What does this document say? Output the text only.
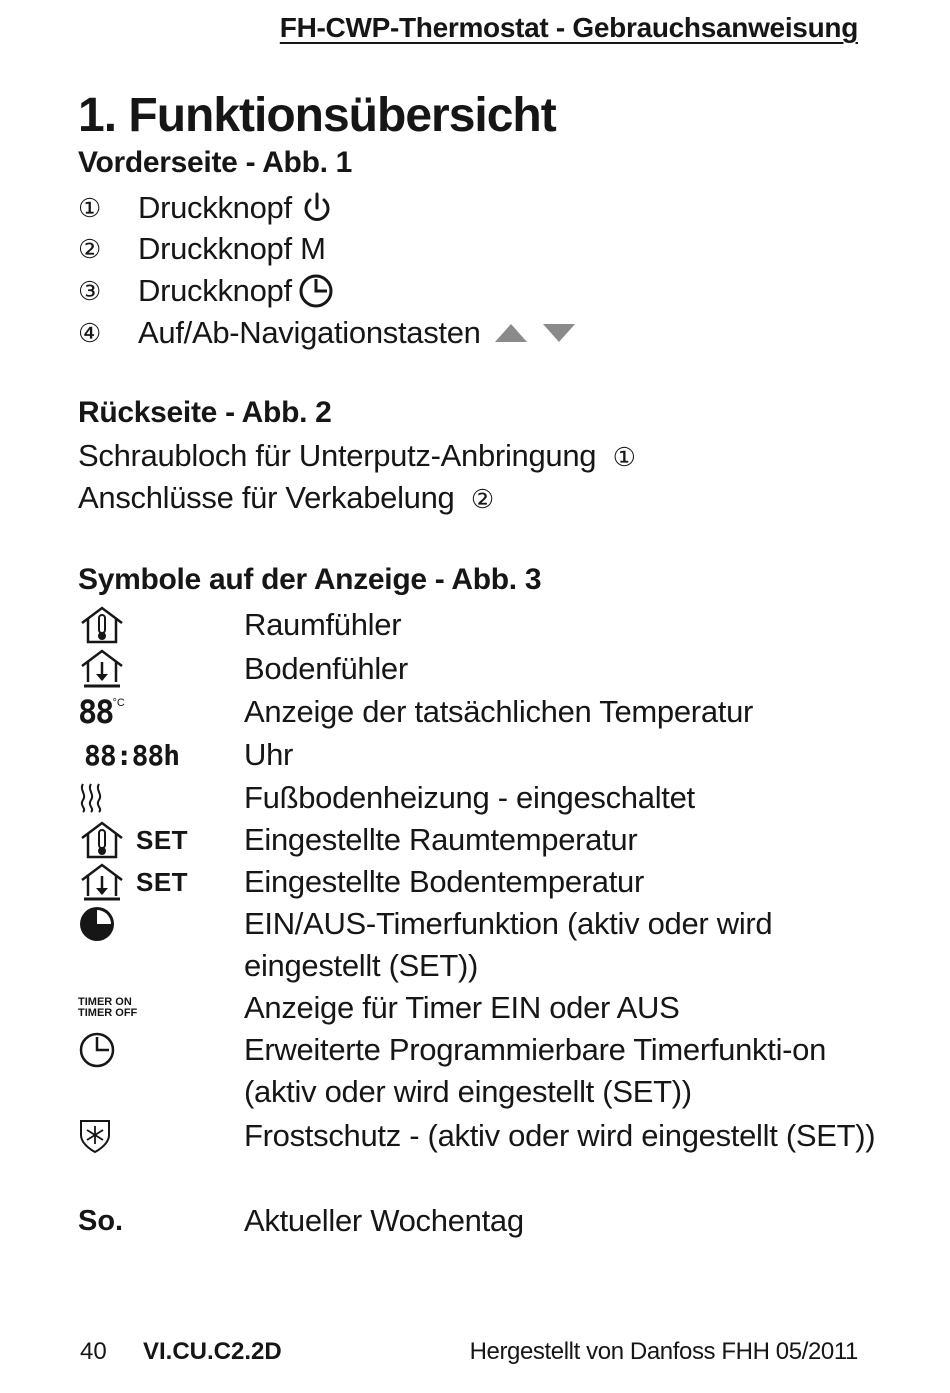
FH-CWP-Thermostat - Gebrauchsanweisung
1. Funktionsübersicht
Vorderseite - Abb. 1
①	Druckknopf
②	Druckknopf M
③	Druckknopf
④	Auf/Ab-Navigationstasten
Rückseite - Abb. 2
Schraubloch für Unterputz-Anbringung ①
Anschlüsse für Verkabelung ②
Symbole auf der Anzeige - Abb. 3
Raumfühler
Bodenfühler
88 °C	Anzeige der tatsächlichen Temperatur
88:88h Uhr
Fußbodenheizung - eingeschaltet
SET Eingestellte Raumtemperatur
SET Eingestellte Bodentemperatur
EIN/AUS-Timerfunktion (aktiv oder wird eingestellt (SET))
TIMER ON
TIMER OFF	Anzeige für Timer EIN oder AUS
Erweiterte Programmierbare Timerfunkti-on (aktiv oder wird eingestellt (SET))
Frostschutz - (aktiv oder wird eingestellt (SET))
So.	Aktueller Wochentag
40 VI.CU.C2.2D	Hergestellt von Danfoss FHH 05/2011
